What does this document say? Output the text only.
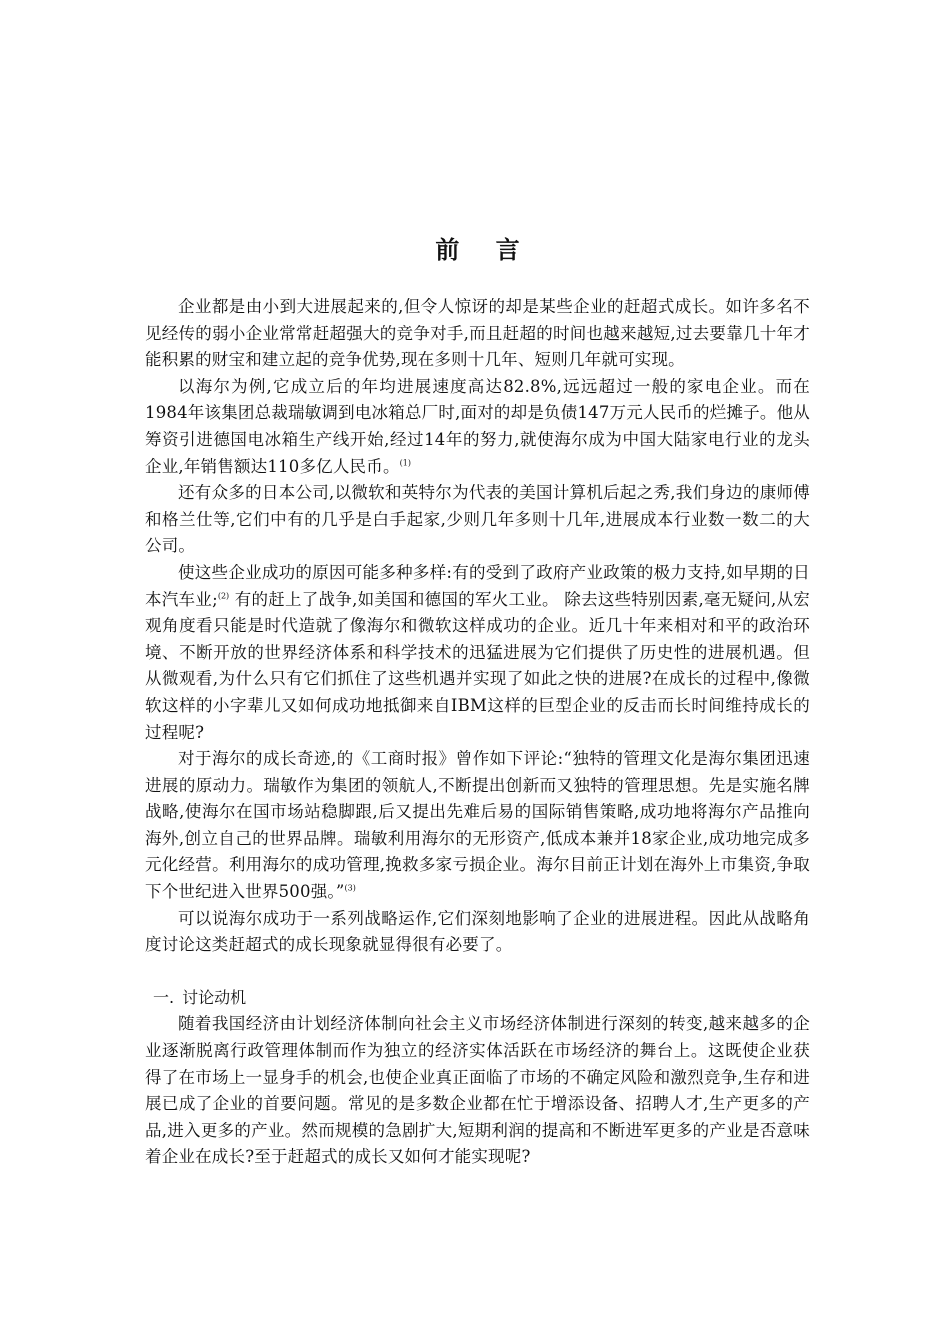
前 言

企业都是由小到大进展起来的,但令人惊讶的却是某些企业的赶超式成长。如许多名不见经传的弱小企业常常赶超强大的竞争对手,而且赶超的时间也越来越短,过去要靠几十年才能积累的财宝和建立起的竞争优势,现在多则十几年、短则几年就可实现。

以海尔为例,它成立后的年均进展速度高达82.8%,远远超过一般的家电企业。而在1984年该集团总裁瑞敏调到电冰箱总厂时,面对的却是负债147万元人民币的烂摊子。他从筹资引进德国电冰箱生产线开始,经过14年的努力,就使海尔成为中国大陆家电行业的龙头企业,年销售额达110多亿人民币。$^{(1)}$

还有众多的日本公司,以微软和英特尔为代表的美国计算机后起之秀,我们身边的康师傅和格兰仕等,它们中有的几乎是白手起家,少则几年多则十几年,进展成本行业数一数二的大公司。

使这些企业成功的原因可能多种多样:有的受到了政府产业政策的极力支持,如早期的日本汽车业;$^{(2)}$ 有的赶上了战争,如美国和德国的军火工业。 除去这些特别因素,毫无疑问,从宏观角度看只能是时代造就了像海尔和微软这样成功的企业。近几十年来相对和平的政治环境、不断开放的世界经济体系和科学技术的迅猛进展为它们提供了历史性的进展机遇。但从微观看,为什么只有它们抓住了这些机遇并实现了如此之快的进展?在成长的过程中,像微软这样的小字辈儿又如何成功地抵御来自IBM这样的巨型企业的反击而长时间维持成长的过程呢?

对于海尔的成长奇迹,的《工商时报》曾作如下评论:“独特的管理文化是海尔集团迅速进展的原动力。瑞敏作为集团的领航人,不断提出创新而又独特的管理思想。先是实施名牌战略,使海尔在国市场站稳脚跟,后又提出先难后易的国际销售策略,成功地将海尔产品推向海外,创立自己的世界品牌。瑞敏利用海尔的无形资产,低成本兼并18家企业,成功地完成多元化经营。利用海尔的成功管理,挽救多家亏损企业。海尔目前正计划在海外上市集资,争取下个世纪进入世界500强。”$^{(3)}$

可以说海尔成功于一系列战略运作,它们深刻地影响了企业的进展进程。因此从战略角度讨论这类赶超式的成长现象就显得很有必要了。

一. 讨论动机

随着我国经济由计划经济体制向社会主义市场经济体制进行深刻的转变,越来越多的企业逐渐脱离行政管理体制而作为独立的经济实体活跃在市场经济的舞台上。这既使企业获得了在市场上一显身手的机会,也使企业真正面临了市场的不确定风险和激烈竞争,生存和进展已成了企业的首要问题。常见的是多数企业都在忙于增添设备、招聘人才,生产更多的产品,进入更多的产业。然而规模的急剧扩大,短期利润的提高和不断进军更多的产业是否意味着企业在成长?至于赶超式的成长又如何才能实现呢?
